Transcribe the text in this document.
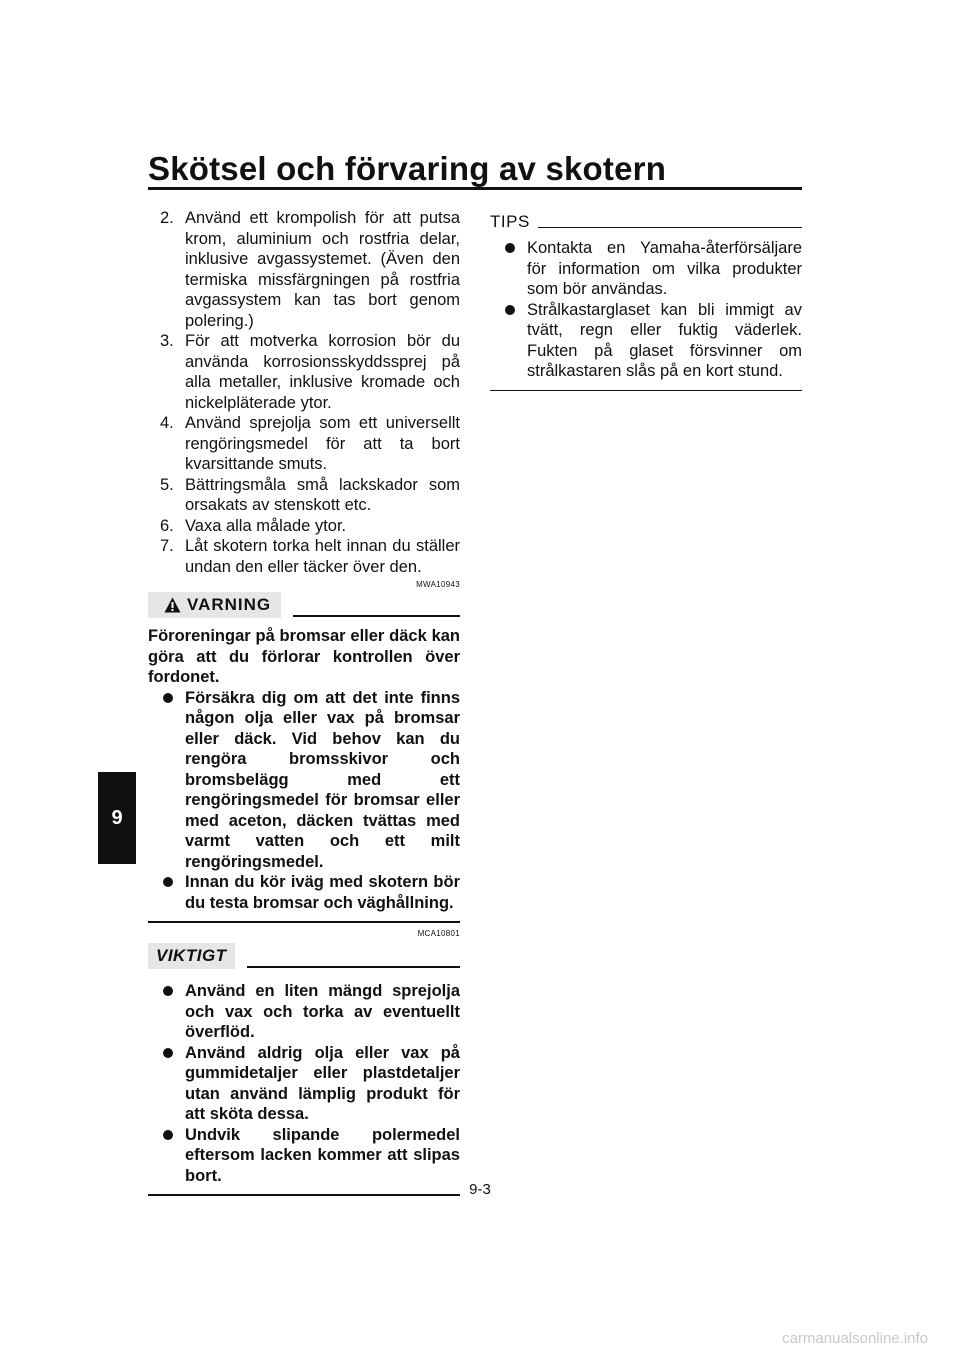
Skötsel och förvaring av skotern
9
2. Använd ett krompolish för att putsa krom, aluminium och rostfria delar, inklusive avgassystemet. (Även den termiska missfärgningen på rostfria avgassystem kan tas bort genom polering.)
3. För att motverka korrosion bör du använda korrosionsskyddssprej på alla metaller, inklusive kromade och nickelpläterade ytor.
4. Använd sprejolja som ett universellt rengöringsmedel för att ta bort kvarsittande smuts.
5. Bättringsmåla små lackskador som orsakats av stenskott etc.
6. Vaxa alla målade ytor.
7. Låt skotern torka helt innan du ställer undan den eller täcker över den.
MWA10943
VARNING

Föroreningar på bromsar eller däck kan göra att du förlorar kontrollen över fordonet.

Försäkra dig om att det inte finns någon olja eller vax på bromsar eller däck. Vid behov kan du rengöra bromsskivor och bromsbelägg med ett rengöringsmedel för bromsar eller med aceton, däcken tvättas med varmt vatten och ett milt rengöringsmedel.
Innan du kör iväg med skotern bör du testa bromsar och väghållning.
MCA10801
VIKTIGT
Använd en liten mängd sprejolja och vax och torka av eventuellt överflöd.
Använd aldrig olja eller vax på gummidetaljer eller plastdetaljer utan använd lämplig produkt för att sköta dessa.
Undvik slipande polermedel eftersom lacken kommer att slipas bort.
TIPS
Kontakta en Yamaha-återförsäljare för information om vilka produkter som bör användas.
Strålkastarglaset kan bli immigt av tvätt, regn eller fuktig väderlek. Fukten på glaset försvinner om strålkastaren slås på en kort stund.
9-3
carmanualsonline.info
